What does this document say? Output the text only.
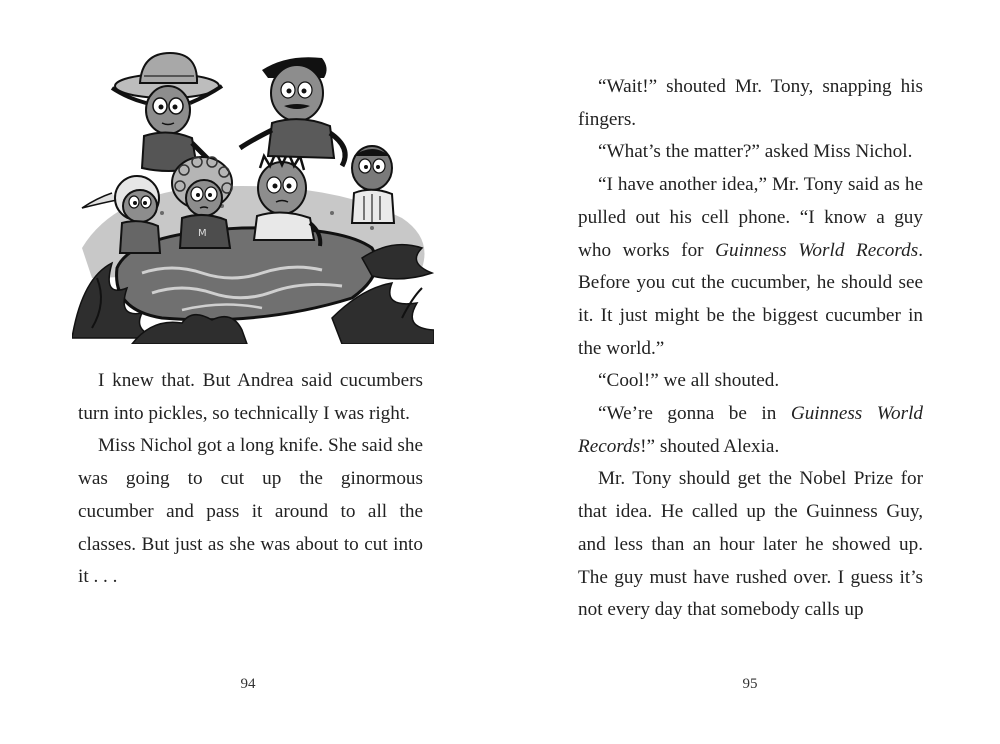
M

I knew that. But Andrea said cucumbers turn into pickles, so technically I was right.

Miss Nichol got a long knife. She said she was going to cut up the ginormous cucumber and pass it around to all the classes. But just as she was about to cut into it . . .

94

“Wait!” shouted Mr. Tony, snapping his fingers.

“What’s the matter?” asked Miss Nichol.

“I have another idea,” Mr. Tony said as he pulled out his cell phone. “I know a guy who works for Guinness World Records. Before you cut the cucumber, he should see it. It just might be the biggest cucumber in the world.”

“Cool!” we all shouted.

“We’re gonna be in Guinness World Records!” shouted Alexia.

Mr. Tony should get the Nobel Prize for that idea. He called up the Guinness Guy, and less than an hour later he showed up. The guy must have rushed over. I guess it’s not every day that somebody calls up

95
